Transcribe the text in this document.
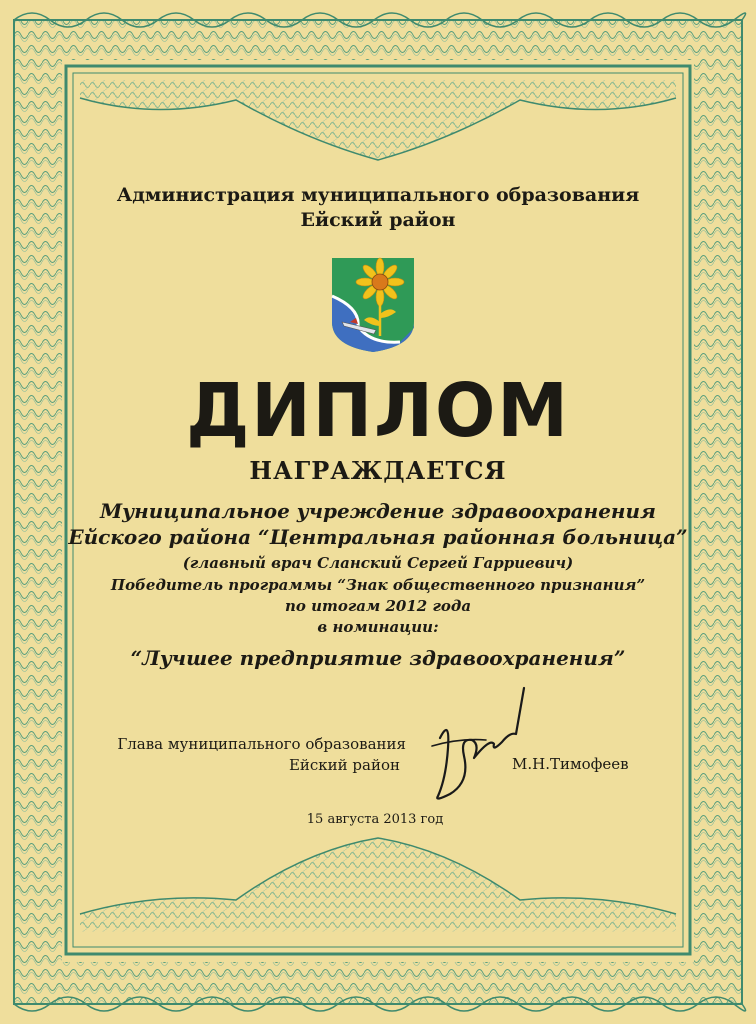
Администрация муниципального образования
Ейский район
ДИПЛОМ
НАГРАЖДАЕТСЯ
Муниципальное учреждение здравоохранения
Ейского района “Центральная районная больница”
(главный врач Сланский Сергей Гарриевич)
Победитель программы “Знак общественного признания”
по итогам 2012 года
в номинации:
“Лучшее предприятие здравоохранения”
Глава муниципального образования
Ейский район	М.Н.Тимофеев
15 августа 2013 год
